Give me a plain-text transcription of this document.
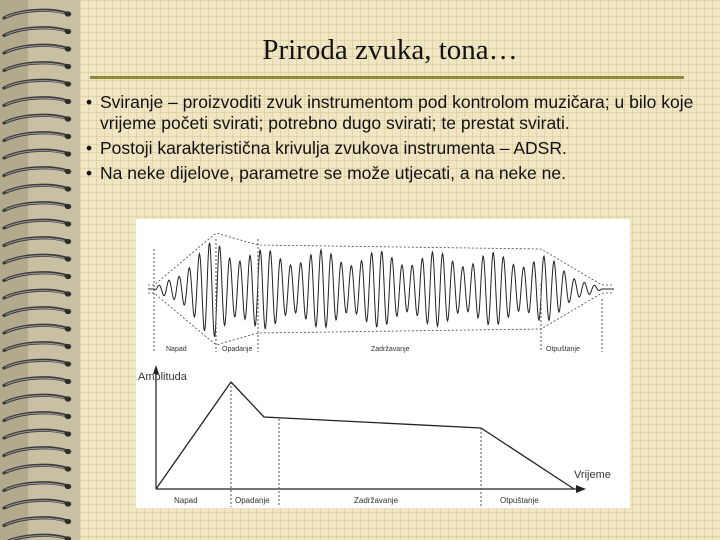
Priroda zvuka, tona…
• Sviranje – proizvoditi zvuk instrumentom pod kontrolom muzičara; u bilo koje vrijeme početi svirati; potrebno dugo svirati; te prestat svirati.
• Postoji karakteristična krivulja zvukova instrumenta – ADSR.
• Na neke dijelove, parametre se može utjecati, a na neke ne.
Napad	Opadanje	Zadržavanje	Otpuštanje
Amplituda
Vrijeme
Napad	Opadanje	Zadržavanje	Otpuštanje
